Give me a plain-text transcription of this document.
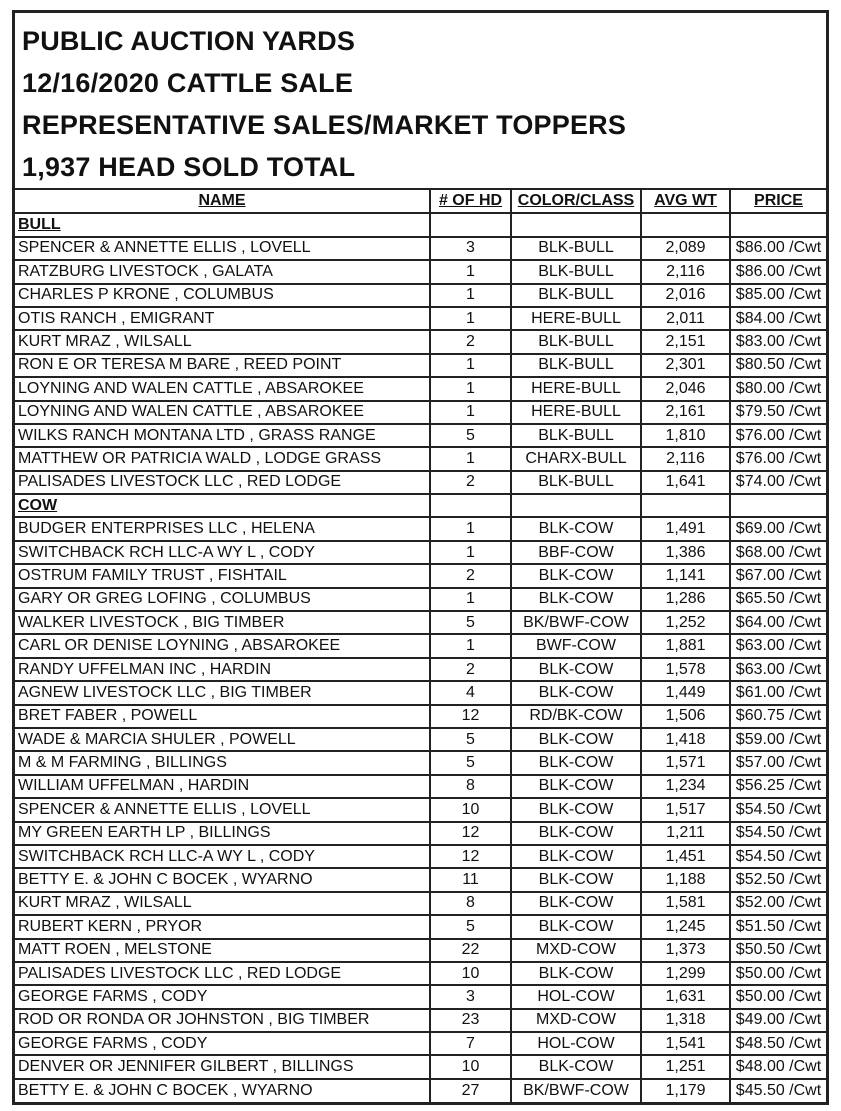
PUBLIC AUCTION YARDS
12/16/2020 CATTLE SALE
REPRESENTATIVE SALES/MARKET TOPPERS
1,937 HEAD SOLD TOTAL
NAME	# OF HD	COLOR/CLASS	AVG WT	PRICE
BULL				
SPENCER & ANNETTE ELLIS , LOVELL	3	BLK-BULL	2,089	$86.00 /Cwt
RATZBURG LIVESTOCK , GALATA	1	BLK-BULL	2,116	$86.00 /Cwt
CHARLES P KRONE , COLUMBUS	1	BLK-BULL	2,016	$85.00 /Cwt
OTIS RANCH , EMIGRANT	1	HERE-BULL	2,011	$84.00 /Cwt
KURT MRAZ , WILSALL	2	BLK-BULL	2,151	$83.00 /Cwt
RON E OR TERESA M BARE , REED POINT	1	BLK-BULL	2,301	$80.50 /Cwt
LOYNING AND WALEN CATTLE , ABSAROKEE	1	HERE-BULL	2,046	$80.00 /Cwt
LOYNING AND WALEN CATTLE , ABSAROKEE	1	HERE-BULL	2,161	$79.50 /Cwt
WILKS RANCH MONTANA LTD , GRASS RANGE	5	BLK-BULL	1,810	$76.00 /Cwt
MATTHEW OR PATRICIA WALD , LODGE GRASS	1	CHARX-BULL	2,116	$76.00 /Cwt
PALISADES LIVESTOCK LLC , RED LODGE	2	BLK-BULL	1,641	$74.00 /Cwt
COW				
BUDGER ENTERPRISES LLC , HELENA	1	BLK-COW	1,491	$69.00 /Cwt
SWITCHBACK RCH LLC-A WY L , CODY	1	BBF-COW	1,386	$68.00 /Cwt
OSTRUM FAMILY TRUST , FISHTAIL	2	BLK-COW	1,141	$67.00 /Cwt
GARY OR GREG LOFING , COLUMBUS	1	BLK-COW	1,286	$65.50 /Cwt
WALKER LIVESTOCK , BIG TIMBER	5	BK/BWF-COW	1,252	$64.00 /Cwt
CARL OR DENISE LOYNING , ABSAROKEE	1	BWF-COW	1,881	$63.00 /Cwt
RANDY UFFELMAN INC , HARDIN	2	BLK-COW	1,578	$63.00 /Cwt
AGNEW LIVESTOCK LLC , BIG TIMBER	4	BLK-COW	1,449	$61.00 /Cwt
BRET FABER , POWELL	12	RD/BK-COW	1,506	$60.75 /Cwt
WADE & MARCIA SHULER , POWELL	5	BLK-COW	1,418	$59.00 /Cwt
M & M FARMING , BILLINGS	5	BLK-COW	1,571	$57.00 /Cwt
WILLIAM UFFELMAN , HARDIN	8	BLK-COW	1,234	$56.25 /Cwt
SPENCER & ANNETTE ELLIS , LOVELL	10	BLK-COW	1,517	$54.50 /Cwt
MY GREEN EARTH LP , BILLINGS	12	BLK-COW	1,211	$54.50 /Cwt
SWITCHBACK RCH LLC-A WY L , CODY	12	BLK-COW	1,451	$54.50 /Cwt
BETTY E. & JOHN C BOCEK , WYARNO	11	BLK-COW	1,188	$52.50 /Cwt
KURT MRAZ , WILSALL	8	BLK-COW	1,581	$52.00 /Cwt
RUBERT KERN , PRYOR	5	BLK-COW	1,245	$51.50 /Cwt
MATT ROEN , MELSTONE	22	MXD-COW	1,373	$50.50 /Cwt
PALISADES LIVESTOCK LLC , RED LODGE	10	BLK-COW	1,299	$50.00 /Cwt
GEORGE FARMS , CODY	3	HOL-COW	1,631	$50.00 /Cwt
ROD OR RONDA OR JOHNSTON , BIG TIMBER	23	MXD-COW	1,318	$49.00 /Cwt
GEORGE FARMS , CODY	7	HOL-COW	1,541	$48.50 /Cwt
DENVER OR JENNIFER GILBERT , BILLINGS	10	BLK-COW	1,251	$48.00 /Cwt
BETTY E. & JOHN C BOCEK , WYARNO	27	BK/BWF-COW	1,179	$45.50 /Cwt
